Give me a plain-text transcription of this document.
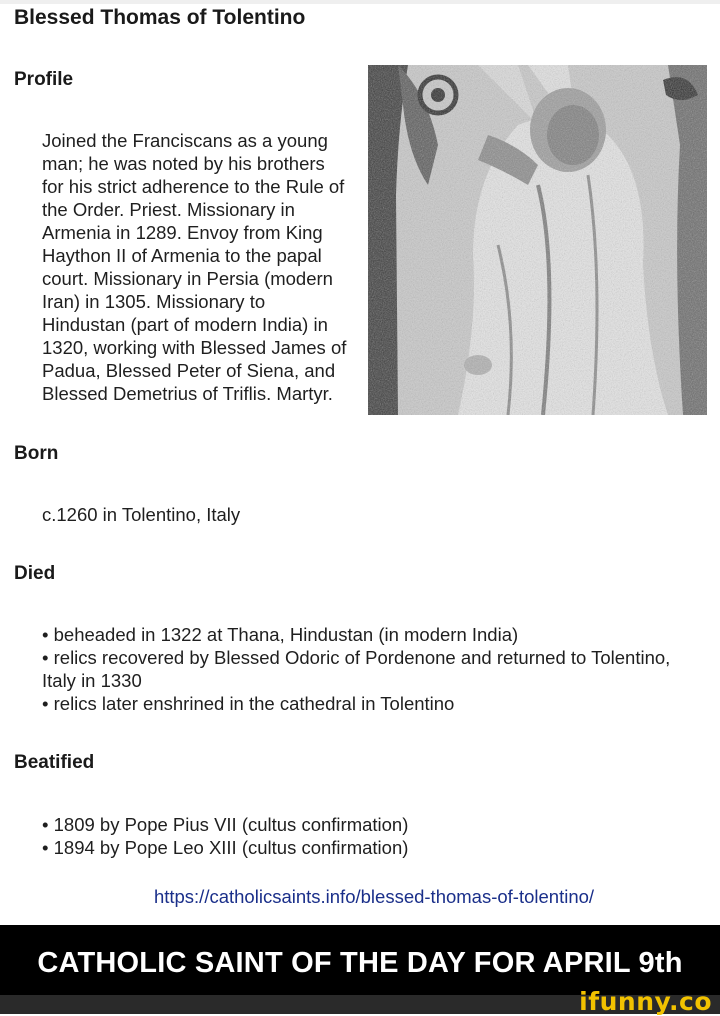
Blessed Thomas of Tolentino
Profile
Joined the Franciscans as a young
man; he was noted by his brothers
for his strict adherence to the Rule of
the Order. Priest. Missionary in
Armenia in 1289. Envoy from King
Haython II of Armenia to the papal
court. Missionary in Persia (modern
Iran) in 1305. Missionary to
Hindustan (part of modern India) in
1320, working with Blessed James of
Padua, Blessed Peter of Siena, and
Blessed Demetrius of Triflis. Martyr.
Born

c.1260 in Tolentino, Italy

Died
• beheaded in 1322 at Thana, Hindustan (in modern India)
• relics recovered by Blessed Odoric of Pordenone and returned to Tolentino,
Italy in 1330
• relics later enshrined in the cathedral in Tolentino
Beatified
• 1809 by Pope Pius VII (cultus confirmation)
• 1894 by Pope Leo XIII (cultus confirmation)
https://catholicsaints.info/blessed-thomas-of-tolentino/

CATHOLIC SAINT OF THE DAY FOR APRIL 9th

ifunny.co
